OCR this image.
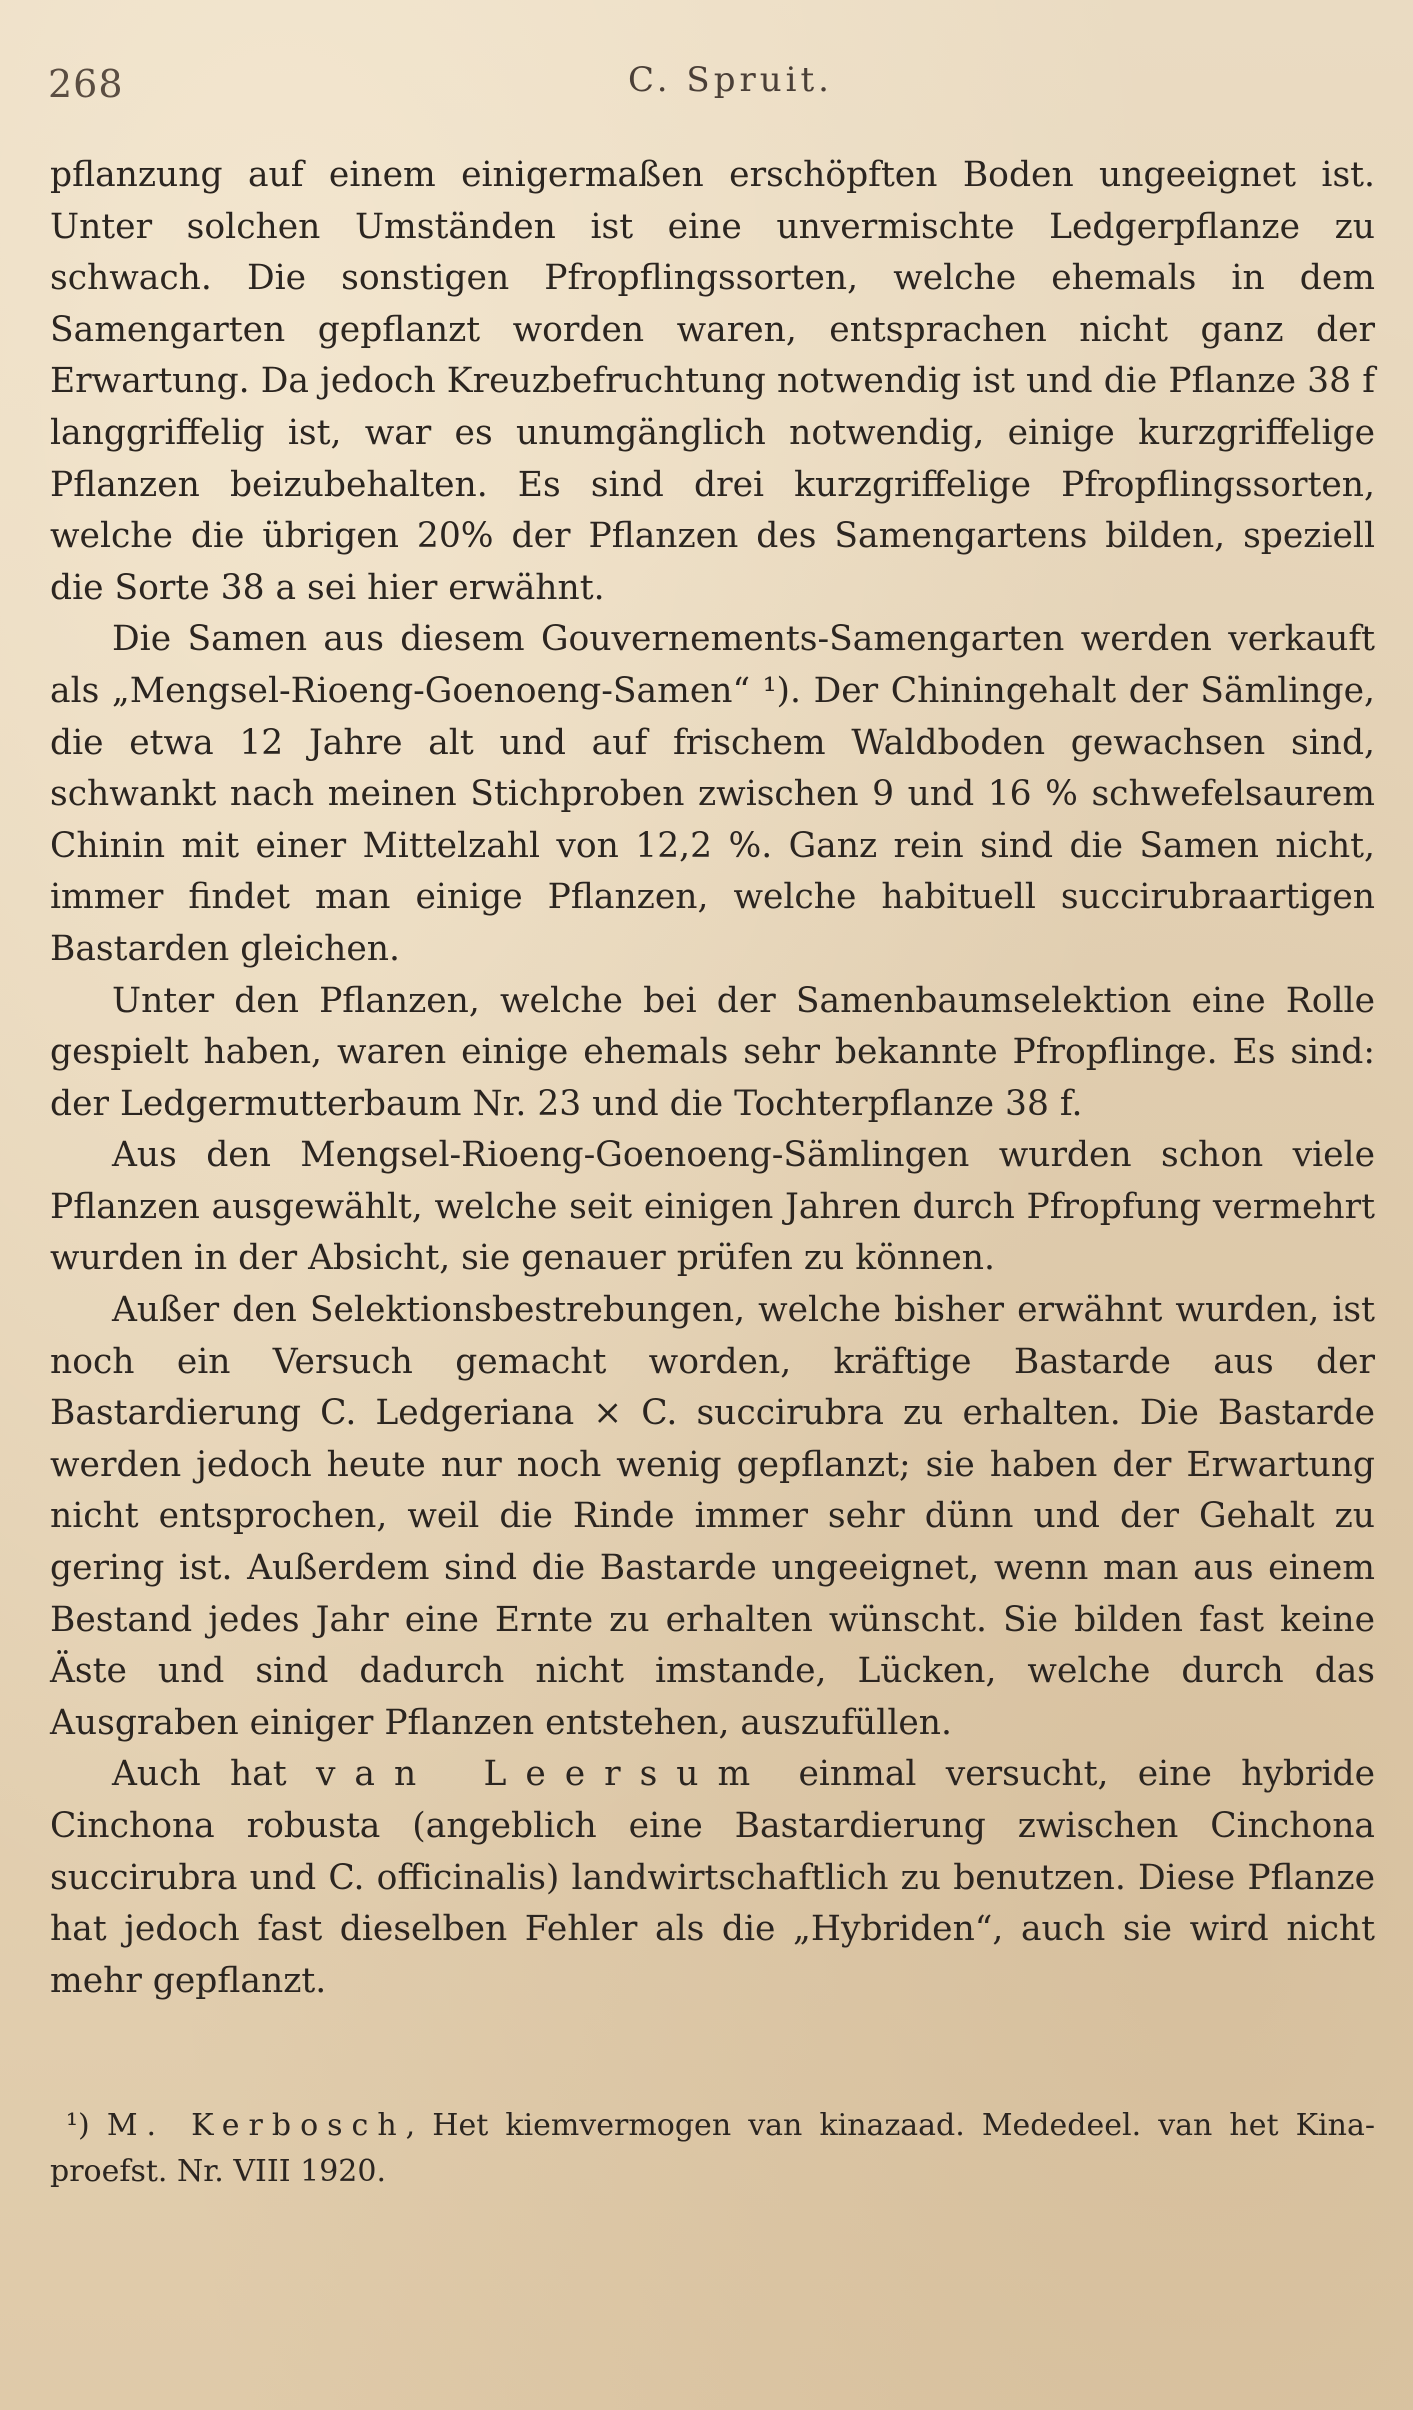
268	C. Spruit.

pflanzung auf einem einigermaßen erschöpften Boden ungeeignet ist. Unter solchen Umständen ist eine unvermischte Ledgerpflanze zu schwach. Die sonstigen Pfropflingssorten, welche ehemals in dem Samengarten gepflanzt worden waren, entsprachen nicht ganz der Erwartung. Da jedoch Kreuzbefruchtung notwendig ist und die Pflanze 38 f langgriffelig ist, war es unumgänglich notwendig, einige kurzgriffelige Pflanzen beizubehalten. Es sind drei kurzgriffelige Pfropflingssorten, welche die übrigen 20% der Pflanzen des Samengartens bilden, speziell die Sorte 38 a sei hier erwähnt.

Die Samen aus diesem Gouvernements-Samengarten werden verkauft als „Mengsel-Rioeng-Goenoeng-Samen“ ¹). Der Chiningehalt der Sämlinge, die etwa 12 Jahre alt und auf frischem Waldboden gewachsen sind, schwankt nach meinen Stichproben zwischen 9 und 16 % schwefelsaurem Chinin mit einer Mittelzahl von 12,2 %. Ganz rein sind die Samen nicht, immer findet man einige Pflanzen, welche habituell succirubraartigen Bastarden gleichen.

Unter den Pflanzen, welche bei der Samenbaumselektion eine Rolle gespielt haben, waren einige ehemals sehr bekannte Pfropflinge. Es sind: der Ledgermutterbaum Nr. 23 und die Tochterpflanze 38 f.

Aus den Mengsel-Rioeng-Goenoeng-Sämlingen wurden schon viele Pflanzen ausgewählt, welche seit einigen Jahren durch Pfropfung vermehrt wurden in der Absicht, sie genauer prüfen zu können.

Außer den Selektionsbestrebungen, welche bisher erwähnt wurden, ist noch ein Versuch gemacht worden, kräftige Bastarde aus der Bastardierung C. Ledgeriana × C. succirubra zu erhalten. Die Bastarde werden jedoch heute nur noch wenig gepflanzt; sie haben der Erwartung nicht entsprochen, weil die Rinde immer sehr dünn und der Gehalt zu gering ist. Außerdem sind die Bastarde ungeeignet, wenn man aus einem Bestand jedes Jahr eine Ernte zu erhalten wünscht. Sie bilden fast keine Äste und sind dadurch nicht imstande, Lücken, welche durch das Ausgraben einiger Pflanzen entstehen, auszufüllen.

Auch hat van Leersum einmal versucht, eine hybride Cinchona robusta (angeblich eine Bastardierung zwischen Cinchona succirubra und C. officinalis) landwirtschaftlich zu benutzen. Diese Pflanze hat jedoch fast dieselben Fehler als die „Hybriden“, auch sie wird nicht mehr gepflanzt.

¹) M. Kerbosch, Het kiemvermogen van kinazaad. Mededeel. van het Kina-proefst. Nr. VIII 1920.
